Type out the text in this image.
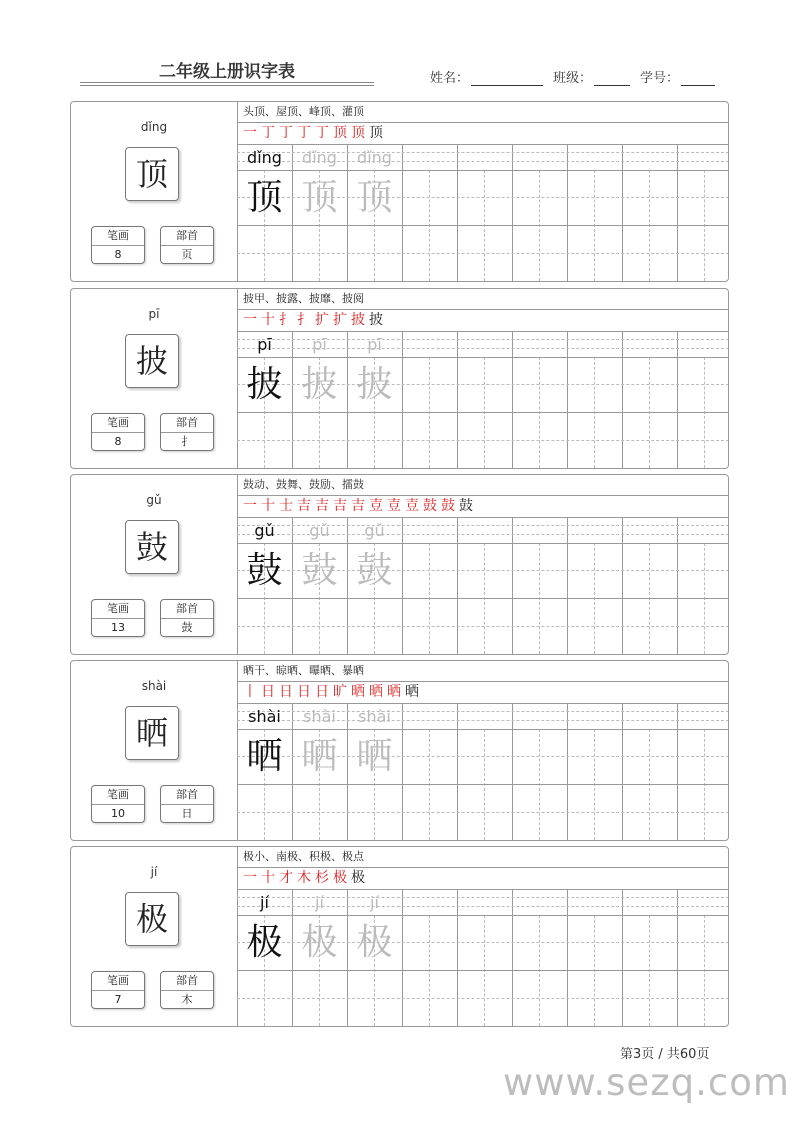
二年级上册识字表	姓名：	班级：	学号：
dǐng
顶
笔画
8
部首
页
头顶、屋顶、峰顶、灌顶
一 丁 丁 丁 丁 顶 顶 顶
dǐng
顶
dǐng
顶
dǐng
顶
pī
披
笔画
8
部首
扌
披甲、披露、披靡、披阅
一 十 扌 扌 扩 扩 披 披
pī
披
pī
披
pī
披
gǔ
鼓
笔画
13
部首
鼓
鼓动、鼓舞、鼓励、擂鼓
一 十 士 吉 吉 吉 吉 壴 壴 壴 鼓 鼓 鼓
gǔ
鼓
gǔ
鼓
gǔ
鼓
shài
晒
笔画
10
部首
日
晒干、晾晒、曝晒、暴晒
丨 日 日 日 日 旷 晒 晒 晒 晒
shài
晒
shài
晒
shài
晒
jí
极
笔画
7
部首
木
极小、南极、积极、极点
一 十 才 木 杉 极 极
jí
极
jí
极
jí
极
第3页 / 共60页
www.sezq.com
